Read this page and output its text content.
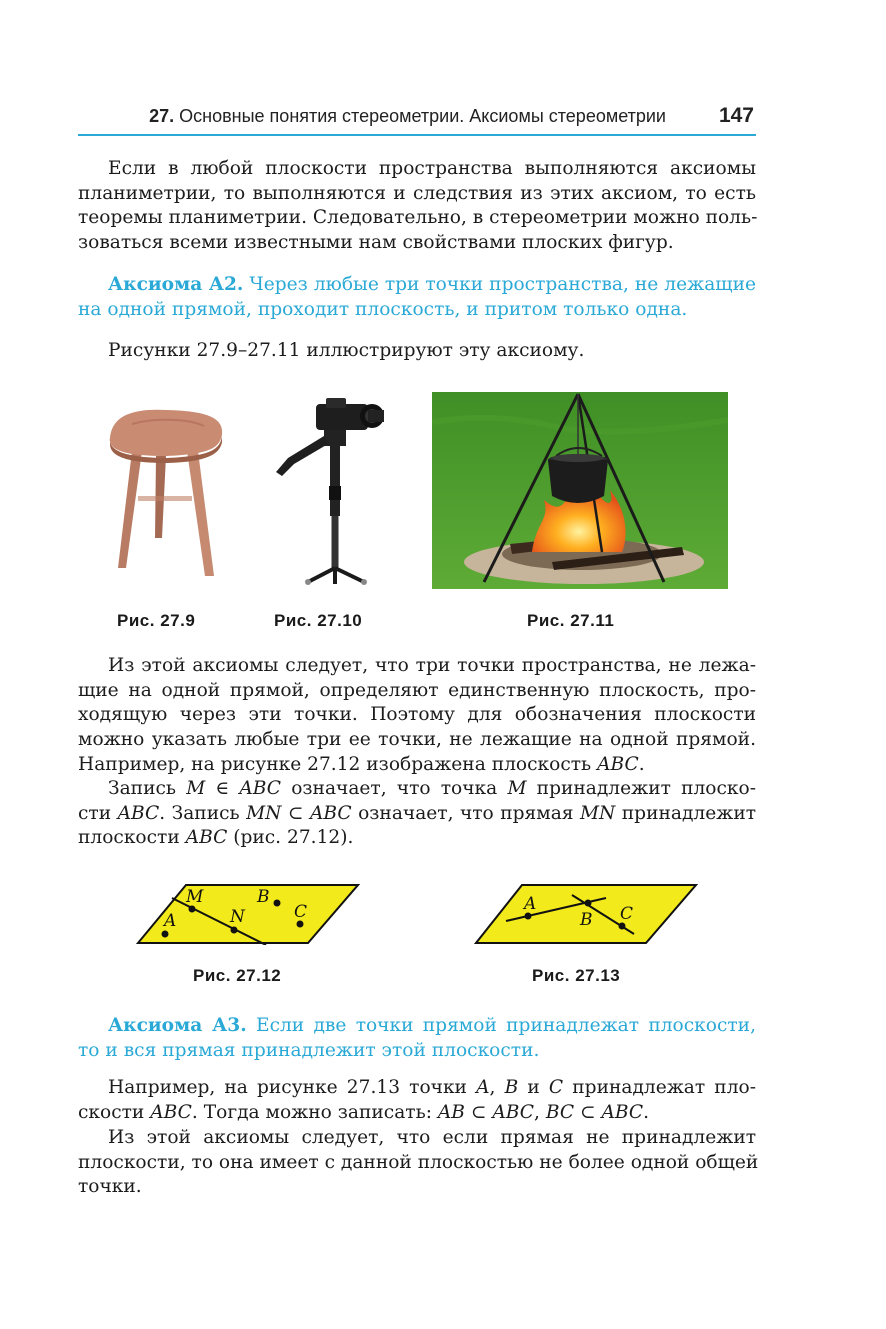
27. Основные понятия стереометрии. Аксиомы стереометрии	147
Если в любой плоскости пространства выполняются аксиомы
планиметрии, то выполняются и следствия из этих аксиом, то есть
теоремы планиметрии. Следовательно, в стереометрии можно поль-
зоваться всеми известными нам свойствами плоских фигур.
Аксиома А2. Через любые три точки пространства, не лежащие
на одной прямой, проходит плоскость, и притом только одна.
Рисунки 27.9–27.11 иллюстрируют эту аксиому.
Рис. 27.9	Рис. 27.10	Рис. 27.11
Из этой аксиомы следует, что три точки пространства, не лежа-
щие на одной прямой, определяют единственную плоскость, про-
ходящую через эти точки. Поэтому для обозначения плоскости
можно указать любые три ее точки, не лежащие на одной прямой.
Например, на рисунке 27.12 изображена плоскость ABC.
Запись M ∈ ABC означает, что точка M принадлежит плоско-
сти ABC. Запись MN ⊂ ABC означает, что прямая MN принадлежит
плоскости ABC (рис. 27.12).
M	B
A	N	C
Рис. 27.12
A
B C
Рис. 27.13
Аксиома А3. Если две точки прямой принадлежат плоскости,
то и вся прямая принадлежит этой плоскости.
Например, на рисунке 27.13 точки A, B и C принадлежат пло-
скости ABC. Тогда можно записать: AB ⊂ ABC, BC ⊂ ABC.
Из этой аксиомы следует, что если прямая не принадлежит
плоскости, то она имеет с данной плоскостью не более одной общей
точки.
